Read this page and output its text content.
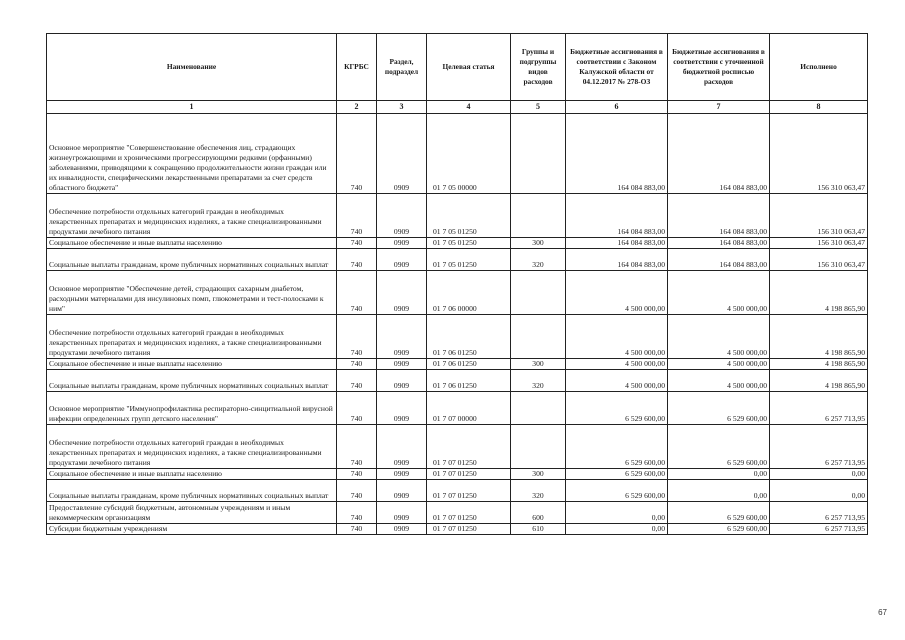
Наименование	КГРБС	Раздел, подраздел	Целевая статья	Группы и подгруппы видов расходов	Бюджетные ассигнования в соответствии с Законом Калужской области от 04.12.2017 № 278-ОЗ	Бюджетные ассигнования в соответствии с уточненной бюджетной росписью расходов	Исполнено
1	2	3	4	5	6	7	8
Основное мероприятие "Совершенствование обеспечения лиц, страдающих жизнеугрожающими и хроническими прогрессирующими редкими (орфанными) заболеваниями, приводящими к сокращению продолжительности жизни граждан или их инвалидности, специфическими лекарственными препаратами за счет средств областного бюджета"	740	0909	01 7 05 00000		164 084 883,00	164 084 883,00	156 310 063,47
Обеспечение потребности отдельных категорий граждан в необходимых лекарственных препаратах и медицинских изделиях, а также специализированными продуктами лечебного питания	740	0909	01 7 05 01250		164 084 883,00	164 084 883,00	156 310 063,47
Социальное обеспечение и иные выплаты населению	740	0909	01 7 05 01250	300	164 084 883,00	164 084 883,00	156 310 063,47
Социальные выплаты гражданам, кроме публичных нормативных социальных выплат	740	0909	01 7 05 01250	320	164 084 883,00	164 084 883,00	156 310 063,47
Основное мероприятие "Обеспечение детей, страдающих сахарным диабетом, расходными материалами для инсулиновых помп, глюкометрами и тест-полосками к ним"	740	0909	01 7 06 00000		4 500 000,00	4 500 000,00	4 198 865,90
Обеспечение потребности отдельных категорий граждан в необходимых лекарственных препаратах и медицинских изделиях, а также специализированными продуктами лечебного питания	740	0909	01 7 06 01250		4 500 000,00	4 500 000,00	4 198 865,90
Социальное обеспечение и иные выплаты населению	740	0909	01 7 06 01250	300	4 500 000,00	4 500 000,00	4 198 865,90
Социальные выплаты гражданам, кроме публичных нормативных социальных выплат	740	0909	01 7 06 01250	320	4 500 000,00	4 500 000,00	4 198 865,90
Основное мероприятие "Иммунопрофилактика респираторно-синцитиальной вирусной инфекции определенных групп детского населения"	740	0909	01 7 07 00000		6 529 600,00	6 529 600,00	6 257 713,95
Обеспечение потребности отдельных категорий граждан в необходимых лекарственных препаратах и медицинских изделиях, а также специализированными продуктами лечебного питания	740	0909	01 7 07 01250		6 529 600,00	6 529 600,00	6 257 713,95
Социальное обеспечение и иные выплаты населению	740	0909	01 7 07 01250	300	6 529 600,00	0,00	0,00
Социальные выплаты гражданам, кроме публичных нормативных социальных выплат	740	0909	01 7 07 01250	320	6 529 600,00	0,00	0,00
Предоставление субсидий бюджетным, автономным учреждениям и иным некоммерческим организациям	740	0909	01 7 07 01250	600	0,00	6 529 600,00	6 257 713,95
Субсидии бюджетным учреждениям	740	0909	01 7 07 01250	610	0,00	6 529 600,00	6 257 713,95
67
